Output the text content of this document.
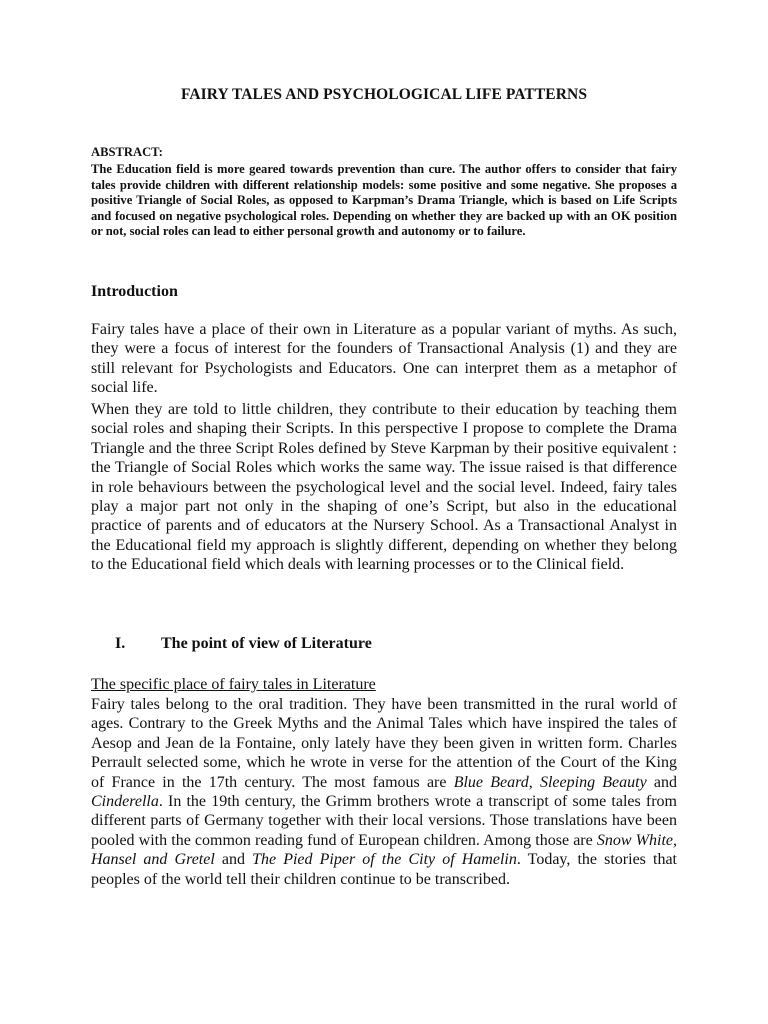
FAIRY TALES AND PSYCHOLOGICAL LIFE PATTERNS

ABSTRACT:

The Education field is more geared towards prevention than cure. The author offers to consider that fairy tales provide children with different relationship models: some positive and some negative. She proposes a positive Triangle of Social Roles, as opposed to Karpman’s Drama Triangle, which is based on Life Scripts and focused on negative psychological roles. Depending on whether they are backed up with an OK position or not, social roles can lead to either personal growth and autonomy or to failure.

Introduction

Fairy tales have a place of their own in Literature as a popular variant of myths. As such, they were a focus of interest for the founders of Transactional Analysis (1) and they are still relevant for Psychologists and Educators. One can interpret them as a metaphor of social life.

When they are told to little children, they contribute to their education by teaching them social roles and shaping their Scripts. In this perspective I propose to complete the Drama Triangle and the three Script Roles defined by Steve Karpman by their positive equivalent : the Triangle of Social Roles which works the same way. The issue raised is that difference in role behaviours between the psychological level and the social level. Indeed, fairy tales play a major part not only in the shaping of one’s Script, but also in the educational practice of parents and of educators at the Nursery School. As a Transactional Analyst in the Educational field my approach is slightly different, depending on whether they belong to the Educational field which deals with learning processes or to the Clinical field.

I.	The point of view of Literature

The specific place of fairy tales in Literature

Fairy tales belong to the oral tradition. They have been transmitted in the rural world of ages. Contrary to the Greek Myths and the Animal Tales which have inspired the tales of Aesop and Jean de la Fontaine, only lately have they been given in written form. Charles Perrault selected some, which he wrote in verse for the attention of the Court of the King of France in the 17th century. The most famous are Blue Beard, Sleeping Beauty and Cinderella. In the 19th century, the Grimm brothers wrote a transcript of some tales from different parts of Germany together with their local versions. Those translations have been pooled with the common reading fund of European children. Among those are Snow White, Hansel and Gretel and The Pied Piper of the City of Hamelin. Today, the stories that peoples of the world tell their children continue to be transcribed.
